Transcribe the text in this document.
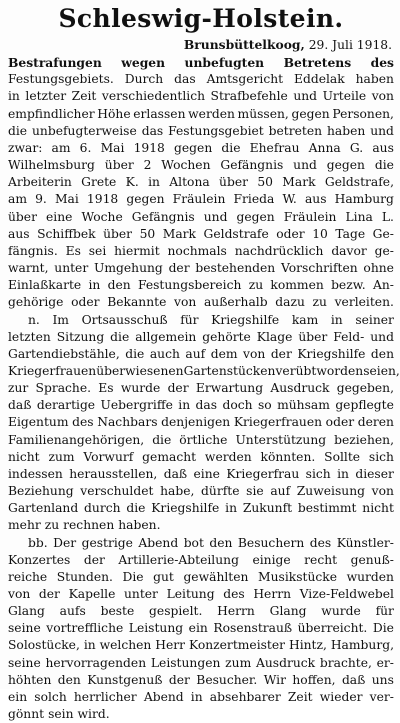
Schleswig-Holstein.
Brunsbüttelkoog, 29. Juli 1918.
Bestrafungen wegen unbefugten Betretens des
Festungsgebiets. Durch das Amtsgericht Eddelak haben
in letzter Zeit verschiedentlich Strafbefehle und Urteile von
empfindlicher Höhe erlassen werden müssen, gegen Personen,
die unbefugterweise das Festungsgebiet betreten haben und
zwar: am 6. Mai 1918 gegen die Ehefrau Anna G. aus
Wilhelmsburg über 2 Wochen Gefängnis und gegen die
Arbeiterin Grete K. in Altona über 50 Mark Geldstrafe,
am 9. Mai 1918 gegen Fräulein Frieda W. aus Hamburg
über eine Woche Gefängnis und gegen Fräulein Lina L.
aus Schiffbek über 50 Mark Geldstrafe oder 10 Tage Ge-
fängnis. Es sei hiermit nochmals nachdrücklich davor ge-
warnt, unter Umgehung der bestehenden Vorschriften ohne
Einlaßkarte in den Festungsbereich zu kommen bezw. An-
gehörige oder Bekannte von außerhalb dazu zu verleiten.
n. Im Ortsausschuß für Kriegshilfe kam in seiner
letzten Sitzung die allgemein gehörte Klage über Feld- und
Gartendiebstähle, die auch auf dem von der Kriegshilfe den
Kriegerfrauen überwiesenen Gartenstücken verübt worden seien,
zur Sprache. Es wurde der Erwartung Ausdruck gegeben,
daß derartige Uebergriffe in das doch so mühsam gepflegte
Eigentum des Nachbars denjenigen Kriegerfrauen oder deren
Familienangehörigen, die örtliche Unterstützung beziehen,
nicht zum Vorwurf gemacht werden könnten. Sollte sich
indessen herausstellen, daß eine Kriegerfrau sich in dieser
Beziehung verschuldet habe, dürfte sie auf Zuweisung von
Gartenland durch die Kriegshilfe in Zukunft bestimmt nicht
mehr zu rechnen haben.
bb. Der gestrige Abend bot den Besuchern des Künstler-
Konzertes der Artillerie-Abteilung einige recht genuß-
reiche Stunden. Die gut gewählten Musikstücke wurden
von der Kapelle unter Leitung des Herrn Vize-Feldwebel
Glang aufs beste gespielt. Herrn Glang wurde für
seine vortreffliche Leistung ein Rosenstrauß überreicht. Die
Solostücke, in welchen Herr Konzertmeister Hintz, Hamburg,
seine hervorragenden Leistungen zum Ausdruck brachte, er-
höhten den Kunstgenuß der Besucher. Wir hoffen, daß uns
ein solch herrlicher Abend in absehbarer Zeit wieder ver-
gönnt sein wird.
